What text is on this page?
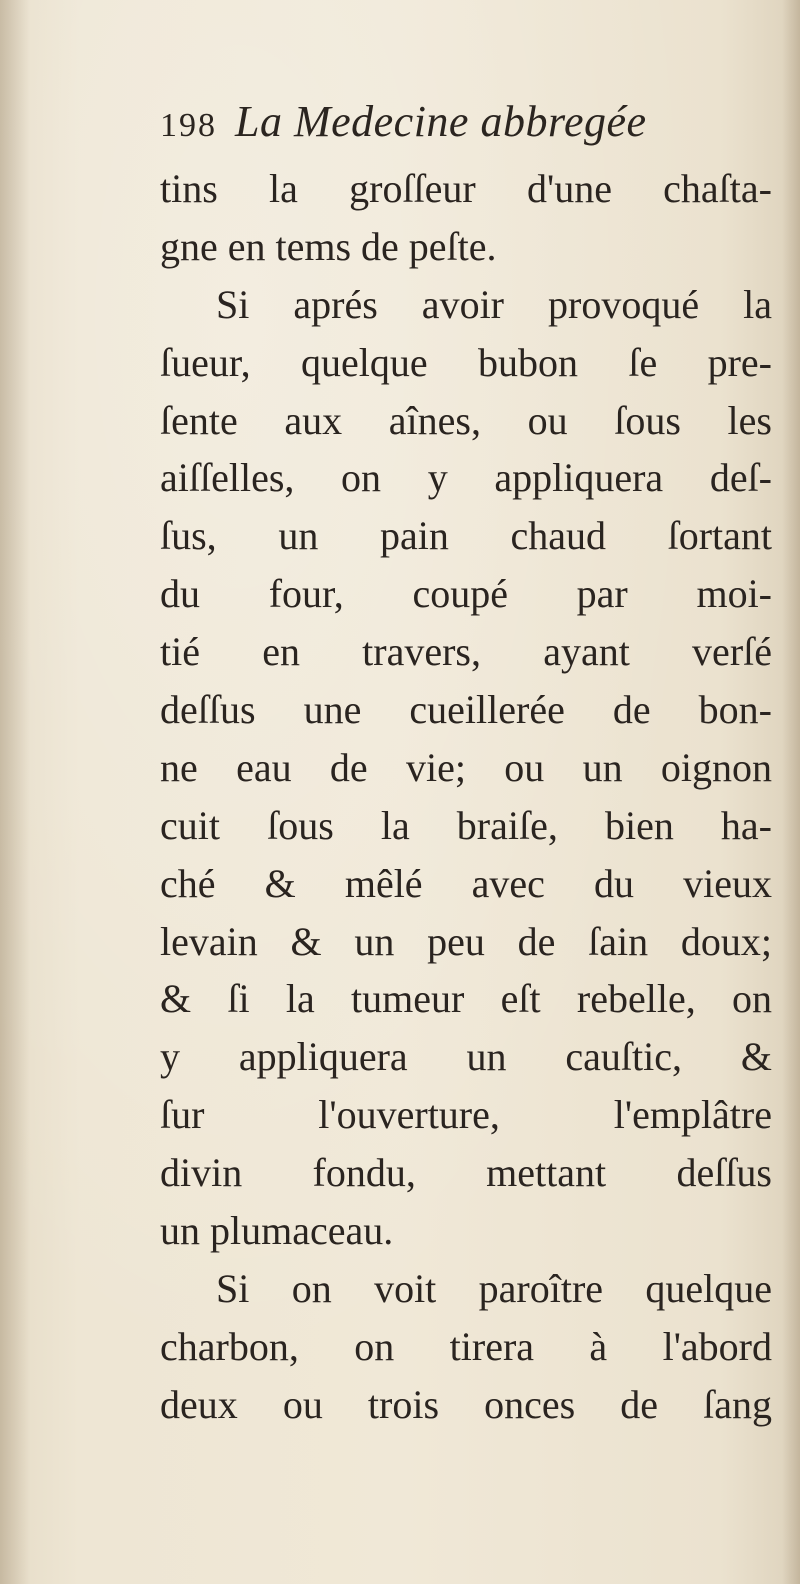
198 La Medecine abbregée
tins la groſſeur d'une chaſta-
gne en tems de peſte.
Si aprés avoir provoqué la
ſueur, quelque bubon ſe pre-
ſente aux aînes, ou ſous les
aiſſelles, on y appliquera deſ-
ſus, un pain chaud ſortant
du four, coupé par moi-
tié en travers, ayant verſé
deſſus une cueillerée de bon-
ne eau de vie; ou un oignon
cuit ſous la braiſe, bien ha-
ché & mêlé avec du vieux
levain & un peu de ſain doux;
& ſi la tumeur eſt rebelle, on
y appliquera un cauſtic, &
ſur l'ouverture, l'emplâtre
divin fondu, mettant deſſus
un plumaceau.
Si on voit paroître quelque
charbon, on tirera à l'abord
deux ou trois onces de ſang
